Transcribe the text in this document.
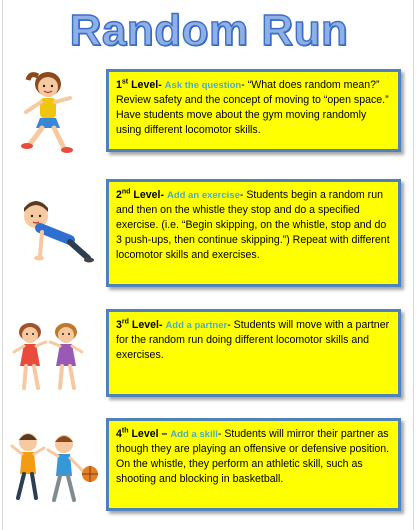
Random Run
1st Level- Ask the question- “What does random mean?” Review safety and the concept of moving to “open space.” Have students move about the gym moving randomly using different locomotor skills.
2nd Level- Add an exercise- Students begin a random run and then on the whistle they stop and do a specified exercise. (i.e. “Begin skipping, on the whistle, stop and do 3 push-ups, then continue skipping.”) Repeat with different locomotor skills and exercises.
3rd Level- Add a partner- Students will move with a partner for the random run doing different locomotor skills and exercises.
4th Level – Add a skill- Students will mirror their partner as though they are playing an offensive or defensive position. On the whistle, they perform an athletic skill, such as shooting and blocking in basketball.
